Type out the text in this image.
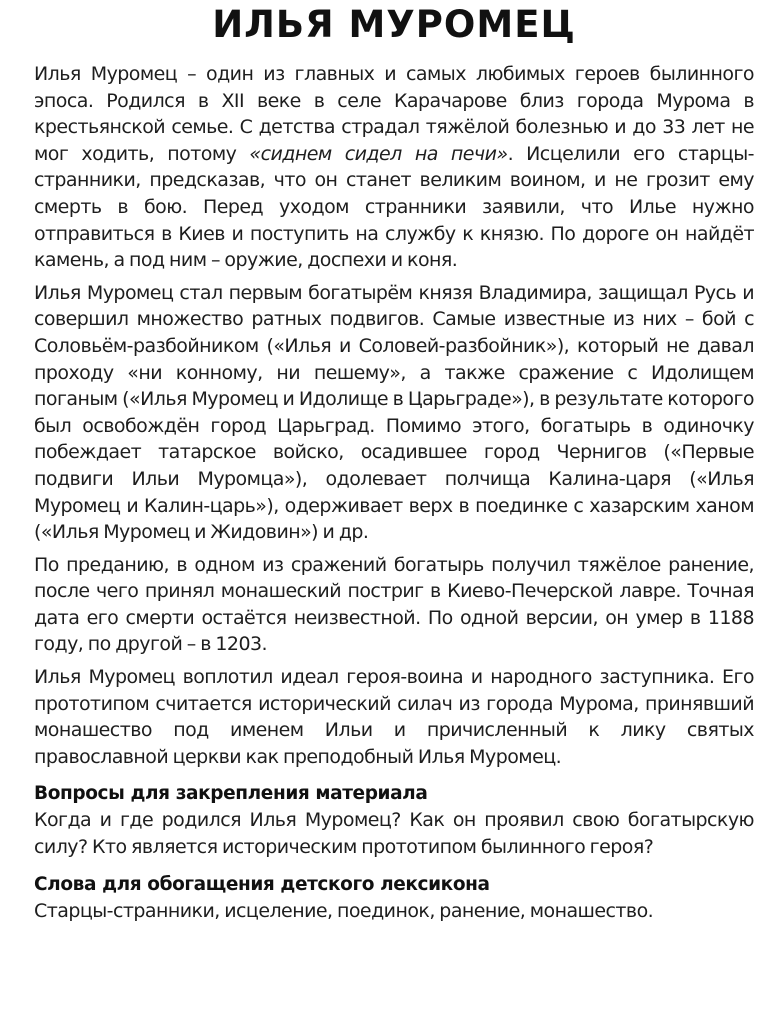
ИЛЬЯ МУРОМЕЦ

Илья Муромец – один из главных и самых любимых героев былинного эпоса. Родился в XII веке в селе Карачарове близ города Мурома в крестьянской семье. С детства страдал тяжёлой болезнью и до 33 лет не мог ходить, потому «сиднем сидел на печи». Исцелили его старцы-странники, предсказав, что он станет великим воином, и не грозит ему смерть в бою. Перед уходом странники заявили, что Илье нужно отправиться в Киев и поступить на службу к князю. По дороге он найдёт камень, а под ним – оружие, доспехи и коня.

Илья Муромец стал первым богатырём князя Владимира, защищал Русь и совершил множество ратных подвигов. Самые известные из них – бой с Соловьём-разбойником («Илья и Соловей-разбойник»), который не давал проходу «ни конному, ни пешему», а также сражение с Идолищем поганым («Илья Муромец и Идолище в Царьграде»), в результате которого был освобождён город Царьград. Помимо этого, богатырь в одиночку побеждает татарское войско, осадившее город Чернигов («Первые подвиги Ильи Муромца»), одолевает полчища Калина-царя («Илья Муромец и Калин-царь»), одерживает верх в поединке с хазарским ханом («Илья Муромец и Жидовин») и др.

По преданию, в одном из сражений богатырь получил тяжёлое ранение, после чего принял монашеский постриг в Киево-Печерской лавре. Точная дата его смерти остаётся неизвестной. По одной версии, он умер в 1188 году, по другой – в 1203.

Илья Муромец воплотил идеал героя-воина и народного заступника. Его прототипом считается исторический силач из города Мурома, принявший монашество под именем Ильи и причисленный к лику святых православной церкви как преподобный Илья Муромец.

Вопросы для закрепления материала

Когда и где родился Илья Муромец? Как он проявил свою богатырскую силу? Кто является историческим прототипом былинного героя?

Слова для обогащения детского лексикона

Старцы-странники, исцеление, поединок, ранение, монашество.
